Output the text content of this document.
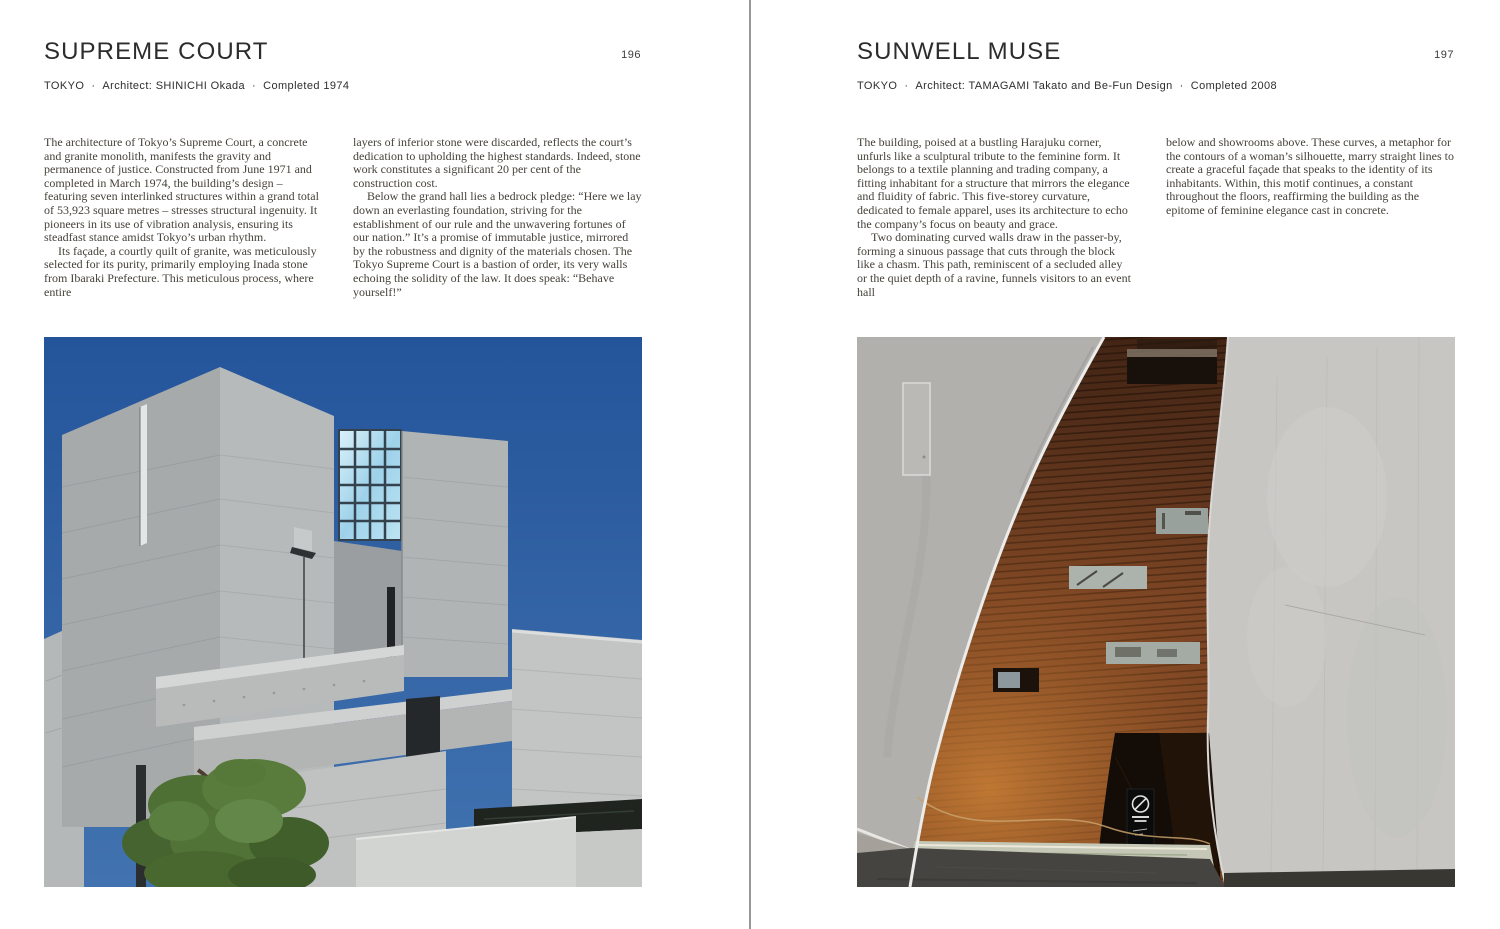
SUPREME COURT	196

TOKYO · Architect: SHINICHI Okada · Completed 1974

The architecture of Tokyo’s Supreme Court, a concrete and granite monolith, manifests the gravity and permanence of justice. Constructed from June 1971 and completed in March 1974, the building’s design – featuring seven interlinked structures within a grand total of 53,923 square metres – stresses structural ingenuity. It pioneers in its use of vibration analysis, ensuring its steadfast stance amidst Tokyo’s urban rhythm.

Its façade, a courtly quilt of granite, was meticulously selected for its purity, primarily employing Inada stone from Ibaraki Prefecture. This meticulous process, where entire

layers of inferior stone were discarded, reflects the court’s dedication to upholding the highest standards. Indeed, stone work constitutes a significant 20 per cent of the construction cost.

Below the grand hall lies a bedrock pledge: “Here we lay down an everlasting foundation, striving for the establishment of our rule and the unwavering fortunes of our nation.” It’s a promise of immutable justice, mirrored by the robustness and dignity of the materials chosen. The Tokyo Supreme Court is a bastion of order, its very walls echoing the solidity of the law. It does speak: “Behave yourself!”

SUNWELL MUSE	197

TOKYO · Architect: TAMAGAMI Takato and Be-Fun Design · Completed 2008

The building, poised at a bustling Harajuku corner, unfurls like a sculptural tribute to the feminine form. It belongs to a textile planning and trading company, a fitting inhabitant for a structure that mirrors the elegance and fluidity of fabric. This five-storey curvature, dedicated to female apparel, uses its architecture to echo the company’s focus on beauty and grace.

Two dominating curved walls draw in the passer-by, forming a sinuous passage that cuts through the block like a chasm. This path, reminiscent of a secluded alley or the quiet depth of a ravine, funnels visitors to an event hall

below and showrooms above. These curves, a metaphor for the contours of a woman’s silhouette, marry straight lines to create a graceful façade that speaks to the identity of its inhabitants. Within, this motif continues, a constant throughout the floors, reaffirming the building as the epitome of feminine elegance cast in concrete.
